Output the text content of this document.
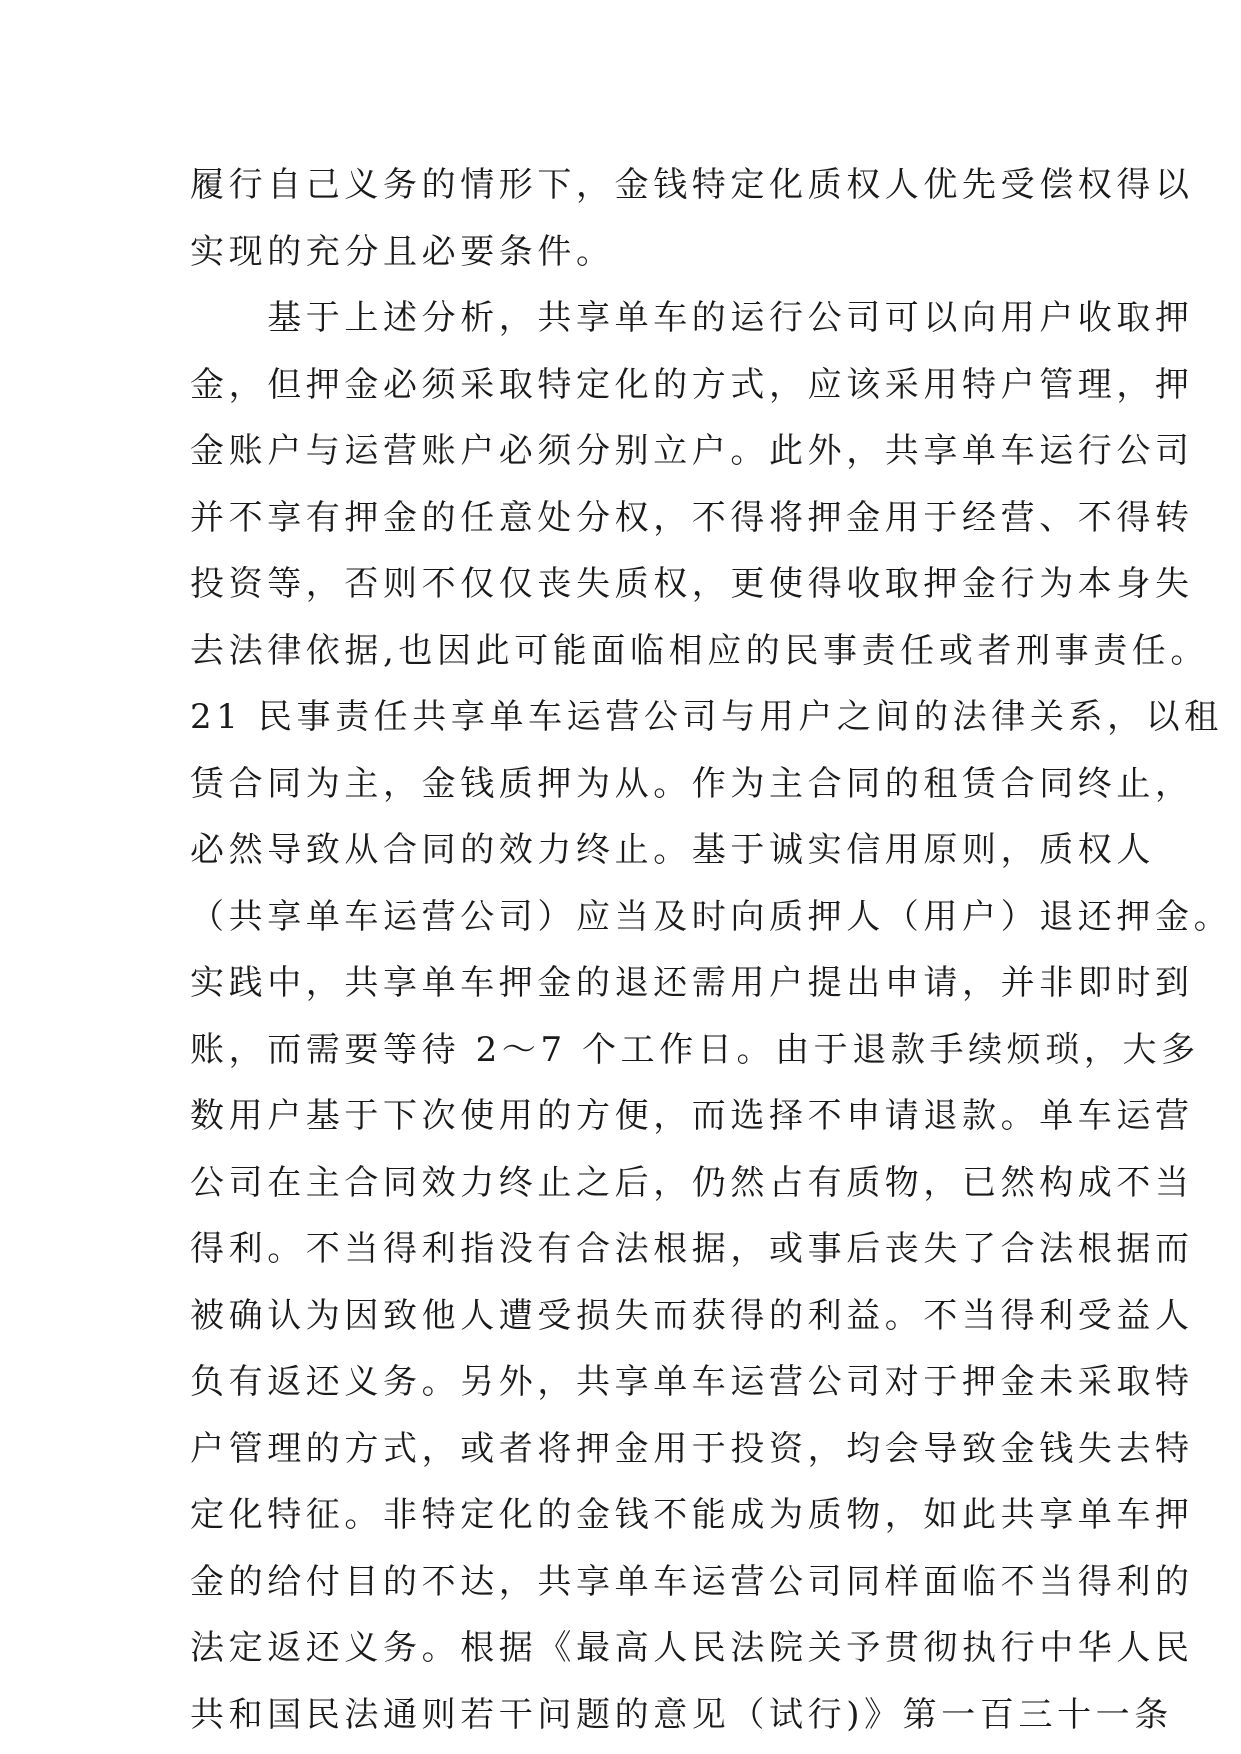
履行自己义务的情形下，金钱特定化质权人优先受偿权得以
实现的充分且必要条件。
　　基于上述分析，共享单车的运行公司可以向用户收取押
金，但押金必须采取特定化的方式，应该采用特户管理，押
金账户与运营账户必须分别立户。此外，共享单车运行公司
并不享有押金的任意处分权，不得将押金用于经营、不得转
投资等，否则不仅仅丧失质权，更使得收取押金行为本身失
去法律依据,也因此可能面临相应的民事责任或者刑事责任。
21 民事责任共享单车运营公司与用户之间的法律关系，以租
赁合同为主，金钱质押为从。作为主合同的租赁合同终止，
必然导致从合同的效力终止。基于诚实信用原则，质权人
（共享单车运营公司）应当及时向质押人（用户）退还押金。
实践中，共享单车押金的退还需用户提出申请，并非即时到
账，而需要等待 2～7 个工作日。由于退款手续烦琐，大多
数用户基于下次使用的方便，而选择不申请退款。单车运营
公司在主合同效力终止之后，仍然占有质物，已然构成不当
得利。不当得利指没有合法根据，或事后丧失了合法根据而
被确认为因致他人遭受损失而获得的利益。不当得利受益人
负有返还义务。另外，共享单车运营公司对于押金未采取特
户管理的方式，或者将押金用于投资，均会导致金钱失去特
定化特征。非特定化的金钱不能成为质物，如此共享单车押
金的给付目的不达，共享单车运营公司同样面临不当得利的
法定返还义务。根据《最高人民法院关予贯彻执行中华人民
共和国民法通则若干问题的意见（试行)》第一百三十一条
